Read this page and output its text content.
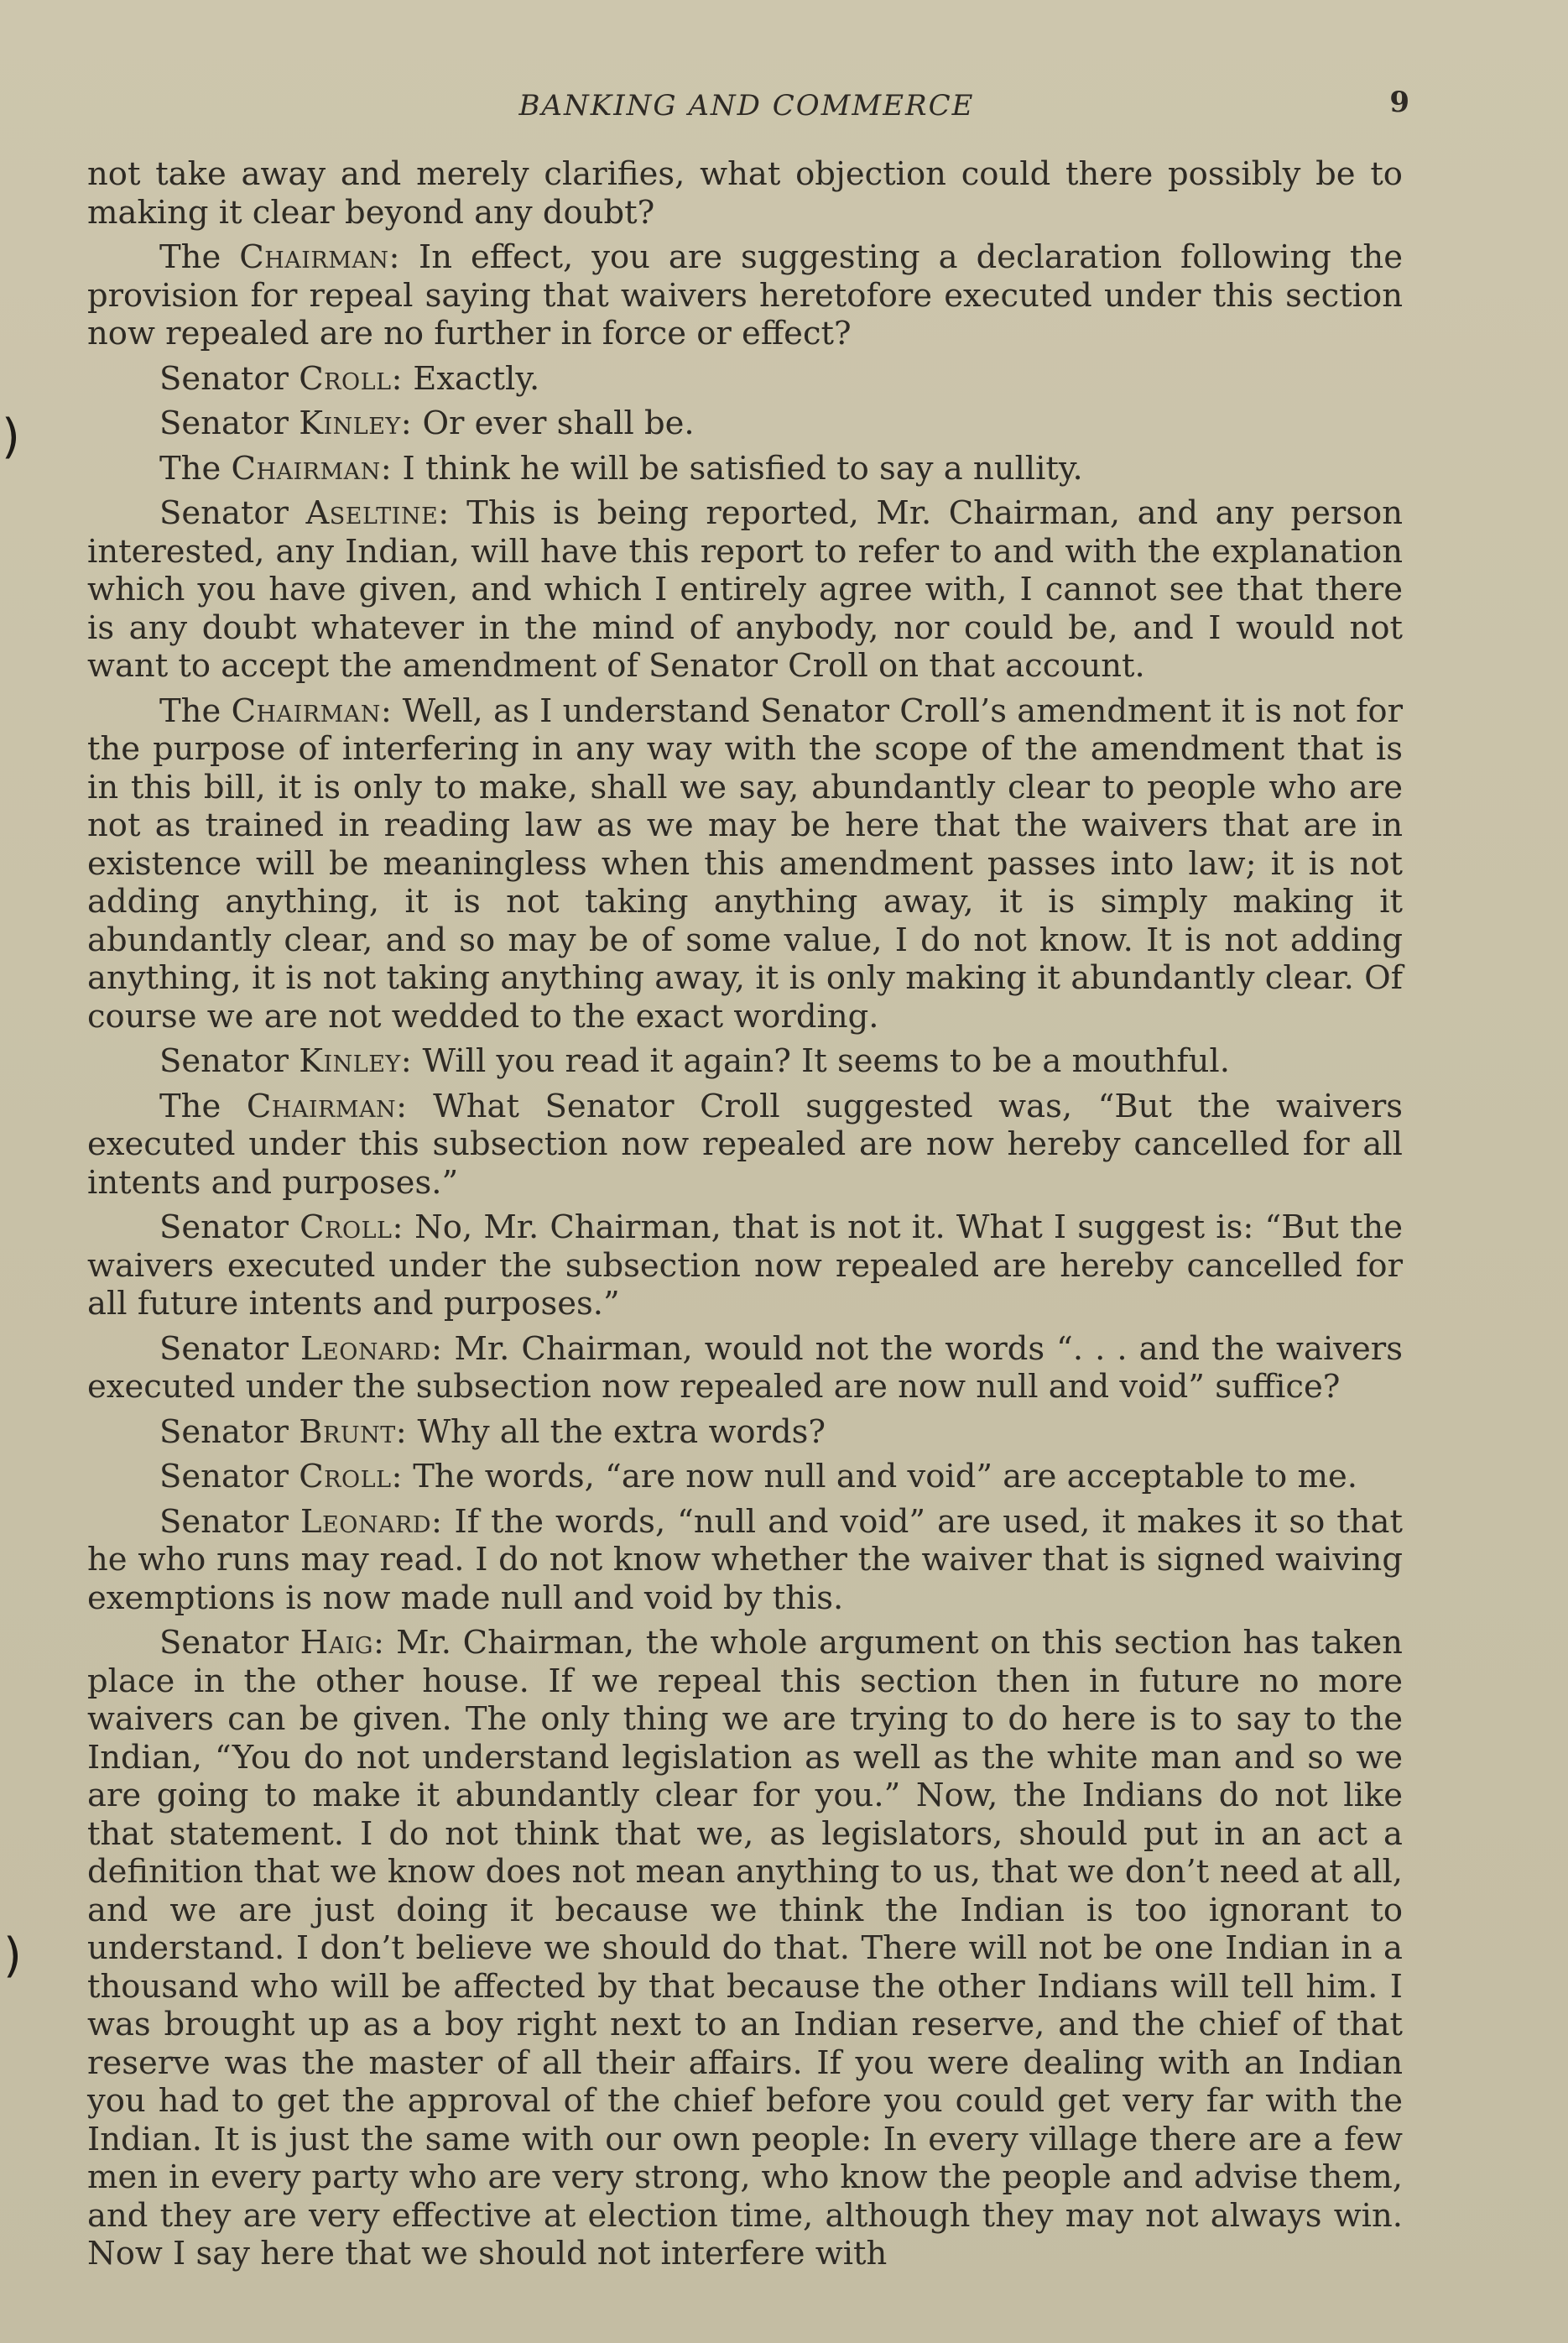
)
)
BANKING AND COMMERCE	9

not take away and merely clarifies, what objection could there possibly be to making it clear beyond any doubt?

The Chairman: In effect, you are suggesting a declaration following the provision for repeal saying that waivers heretofore executed under this section now repealed are no further in force or effect?

Senator Croll: Exactly.

Senator Kinley: Or ever shall be.

The Chairman: I think he will be satisfied to say a nullity.

Senator Aseltine: This is being reported, Mr. Chairman, and any person interested, any Indian, will have this report to refer to and with the explanation which you have given, and which I entirely agree with, I cannot see that there is any doubt whatever in the mind of anybody, nor could be, and I would not want to accept the amendment of Senator Croll on that account.

The Chairman: Well, as I understand Senator Croll’s amendment it is not for the purpose of interfering in any way with the scope of the amendment that is in this bill, it is only to make, shall we say, abundantly clear to people who are not as trained in reading law as we may be here that the waivers that are in existence will be meaningless when this amendment passes into law; it is not adding anything, it is not taking anything away, it is simply making it abundantly clear, and so may be of some value, I do not know. It is not adding anything, it is not taking anything away, it is only making it abundantly clear. Of course we are not wedded to the exact wording.

Senator Kinley: Will you read it again? It seems to be a mouthful.

The Chairman: What Senator Croll suggested was, “But the waivers executed under this subsection now repealed are now hereby cancelled for all intents and purposes.”

Senator Croll: No, Mr. Chairman, that is not it. What I suggest is: “But the waivers executed under the subsection now repealed are hereby cancelled for all future intents and purposes.”

Senator Leonard: Mr. Chairman, would not the words “. . . and the waivers executed under the subsection now repealed are now null and void” suffice?

Senator Brunt: Why all the extra words?

Senator Croll: The words, “are now null and void” are acceptable to me.

Senator Leonard: If the words, “null and void” are used, it makes it so that he who runs may read. I do not know whether the waiver that is signed waiving exemptions is now made null and void by this.

Senator Haig: Mr. Chairman, the whole argument on this section has taken place in the other house. If we repeal this section then in future no more waivers can be given. The only thing we are trying to do here is to say to the Indian, “You do not understand legislation as well as the white man and so we are going to make it abundantly clear for you.” Now, the Indians do not like that statement. I do not think that we, as legislators, should put in an act a definition that we know does not mean anything to us, that we don’t need at all, and we are just doing it because we think the Indian is too ignorant to understand. I don’t believe we should do that. There will not be one Indian in a thousand who will be affected by that because the other Indians will tell him. I was brought up as a boy right next to an Indian reserve, and the chief of that reserve was the master of all their affairs. If you were dealing with an Indian you had to get the approval of the chief before you could get very far with the Indian. It is just the same with our own people: In every village there are a few men in every party who are very strong, who know the people and advise them, and they are very effective at election time, although they may not always win. Now I say here that we should not interfere with
